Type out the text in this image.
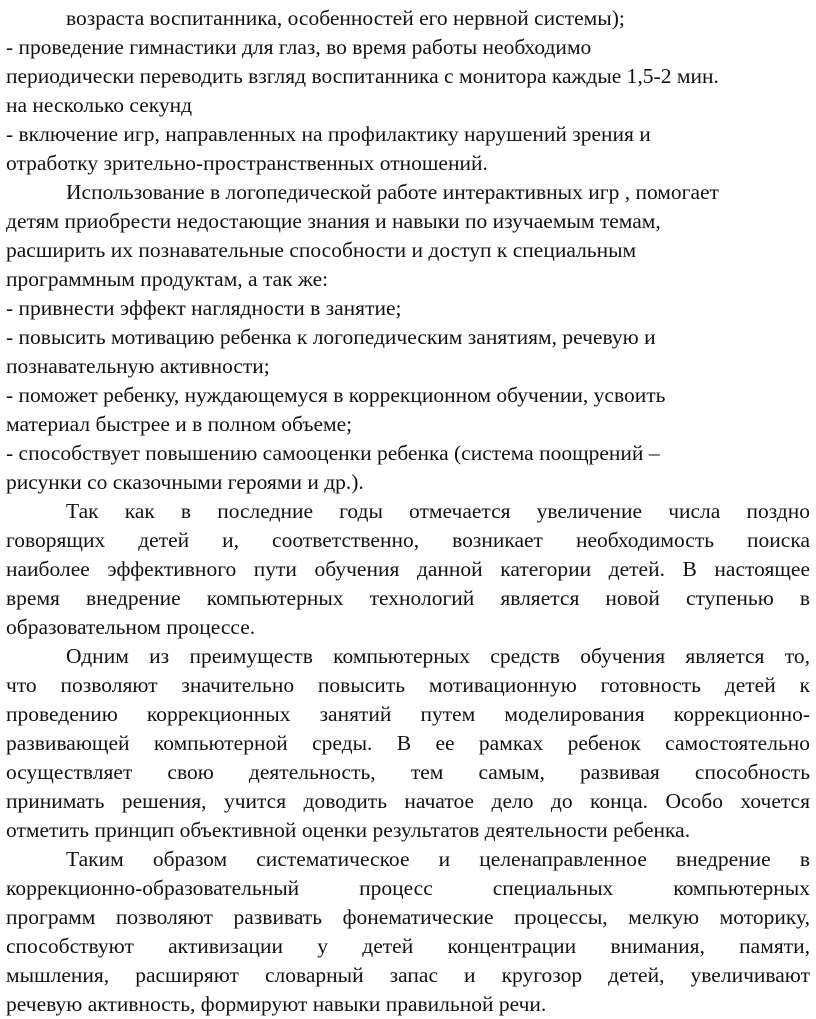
возраста воспитанника, особенностей его нервной системы);
- проведение гимнастики для глаз, во время работы необходимо
периодически переводить взгляд воспитанника с монитора каждые 1,5-2 мин.
на несколько секунд
- включение игр, направленных на профилактику нарушений зрения и
отработку зрительно-пространственных отношений.
Использование в логопедической работе интерактивных игр , помогает
детям приобрести недостающие знания и навыки по изучаемым темам,
расширить их познавательные способности и доступ к специальным
программным продуктам, а так же:
- привнести эффект наглядности в занятие;
- повысить мотивацию ребенка к логопедическим занятиям, речевую и
познавательную активности;
- поможет ребенку, нуждающемуся в коррекционном обучении, усвоить
материал быстрее и в полном объеме;
- способствует повышению самооценки ребенка (система поощрений –
рисунки со сказочными героями и др.).
Так как в последние годы отмечается увеличение числа поздно
говорящих детей и, соответственно, возникает необходимость поиска
наиболее эффективного пути обучения данной категории детей. В настоящее
время внедрение компьютерных технологий является новой ступенью в
образовательном процессе.
Одним из преимуществ компьютерных средств обучения является то,
что позволяют значительно повысить мотивационную готовность детей к
проведению коррекционных занятий путем моделирования коррекционно-
развивающей компьютерной среды. В ее рамках ребенок самостоятельно
осуществляет свою деятельность, тем самым, развивая способность
принимать решения, учится доводить начатое дело до конца. Особо хочется
отметить принцип объективной оценки результатов деятельности ребенка.
Таким образом систематическое и целенаправленное внедрение в
коррекционно-образовательный процесс специальных компьютерных
программ позволяют развивать фонематические процессы, мелкую моторику,
способствуют активизации у детей концентрации внимания, памяти,
мышления, расширяют словарный запас и кругозор детей, увеличивают
речевую активность, формируют навыки правильной речи.
